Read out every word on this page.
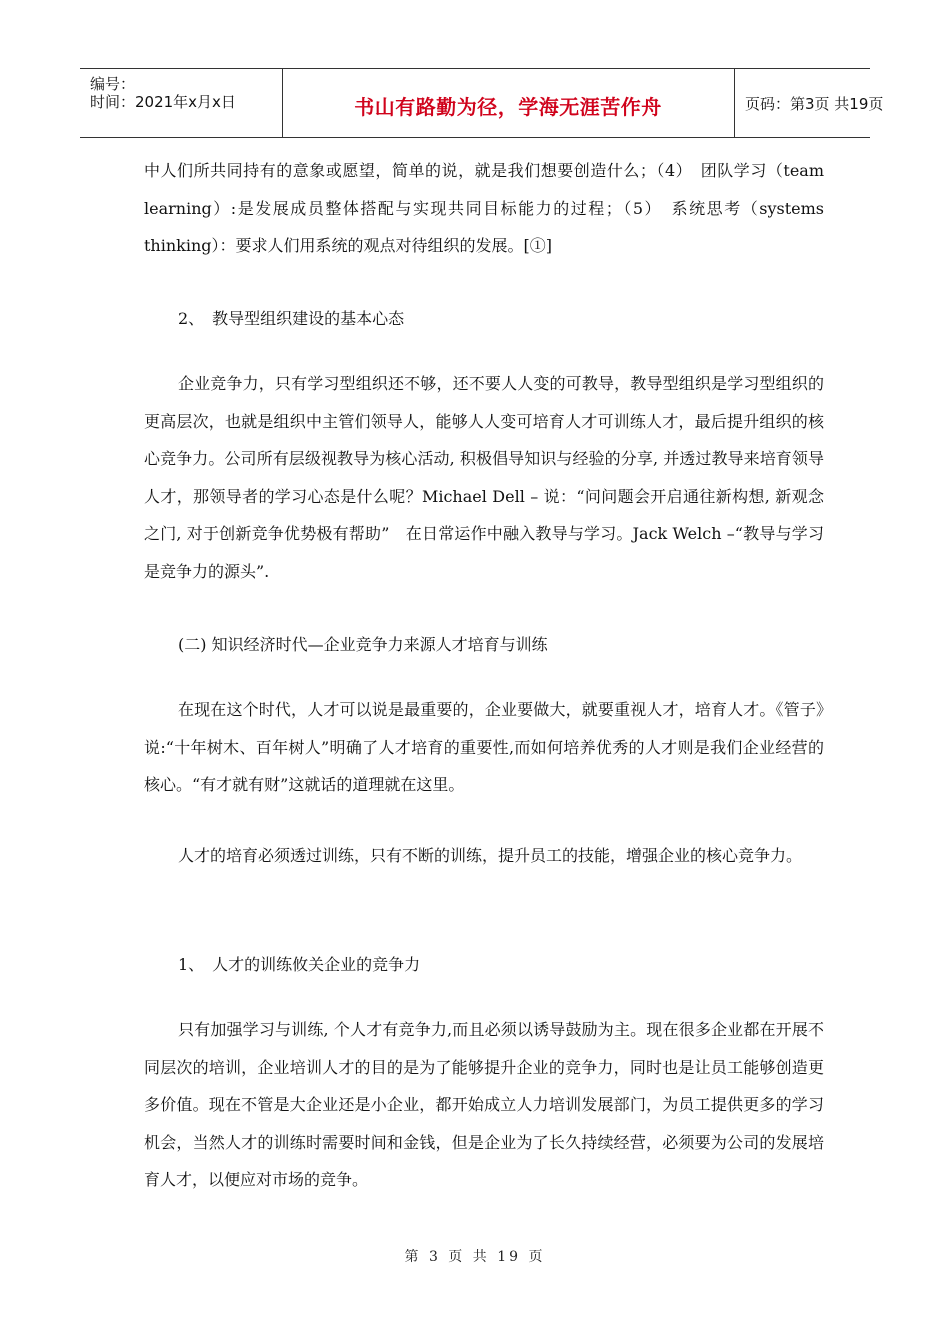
编号：
时间：2021年x月x日	书山有路勤为径，学海无涯苦作舟	页码：第3页 共19页

中人们所共同持有的意象或愿望，简单的说，就是我们想要创造什么；（4）　团队学习（team learning）:是发展成员整体搭配与实现共同目标能力的过程；（5）　系统思考（systems thinking）：要求人们用系统的观点对待组织的发展。[①]

2、　教导型组织建设的基本心态

企业竞争力，只有学习型组织还不够，还不要人人变的可教导，教导型组织是学习型组织的更高层次，也就是组织中主管们领导人，能够人人变可培育人才可训练人才，最后提升组织的核心竞争力。公司所有层级视教导为核心活动, 积极倡导知识与经验的分享, 并透过教导来培育领导人才，那领导者的学习心态是什么呢？Michael Dell – 说：“问问题会开启通往新构想, 新观念之门, 对于创新竞争优势极有帮助”　在日常运作中融入教导与学习。Jack Welch –“教导与学习是竞争力的源头”.

(二) 知识经济时代—企业竞争力来源人才培育与训练

在现在这个时代，人才可以说是最重要的，企业要做大，就要重视人才，培育人才。《管子》说:“十年树木、百年树人”明确了人才培育的重要性,而如何培养优秀的人才则是我们企业经营的核心。“有才就有财”这就话的道理就在这里。

人才的培育必须透过训练，只有不断的训练，提升员工的技能，增强企业的核心竞争力。

1、　人才的训练攸关企业的竞争力

只有加强学习与训练, 个人才有竞争力,而且必须以诱导鼓励为主。现在很多企业都在开展不同层次的培训，企业培训人才的目的是为了能够提升企业的竞争力，同时也是让员工能够创造更多价值。现在不管是大企业还是小企业，都开始成立人力培训发展部门，为员工提供更多的学习机会，当然人才的训练时需要时间和金钱，但是企业为了长久持续经营，必须要为公司的发展培育人才，以便应对市场的竞争。

第 3 页 共 19 页
